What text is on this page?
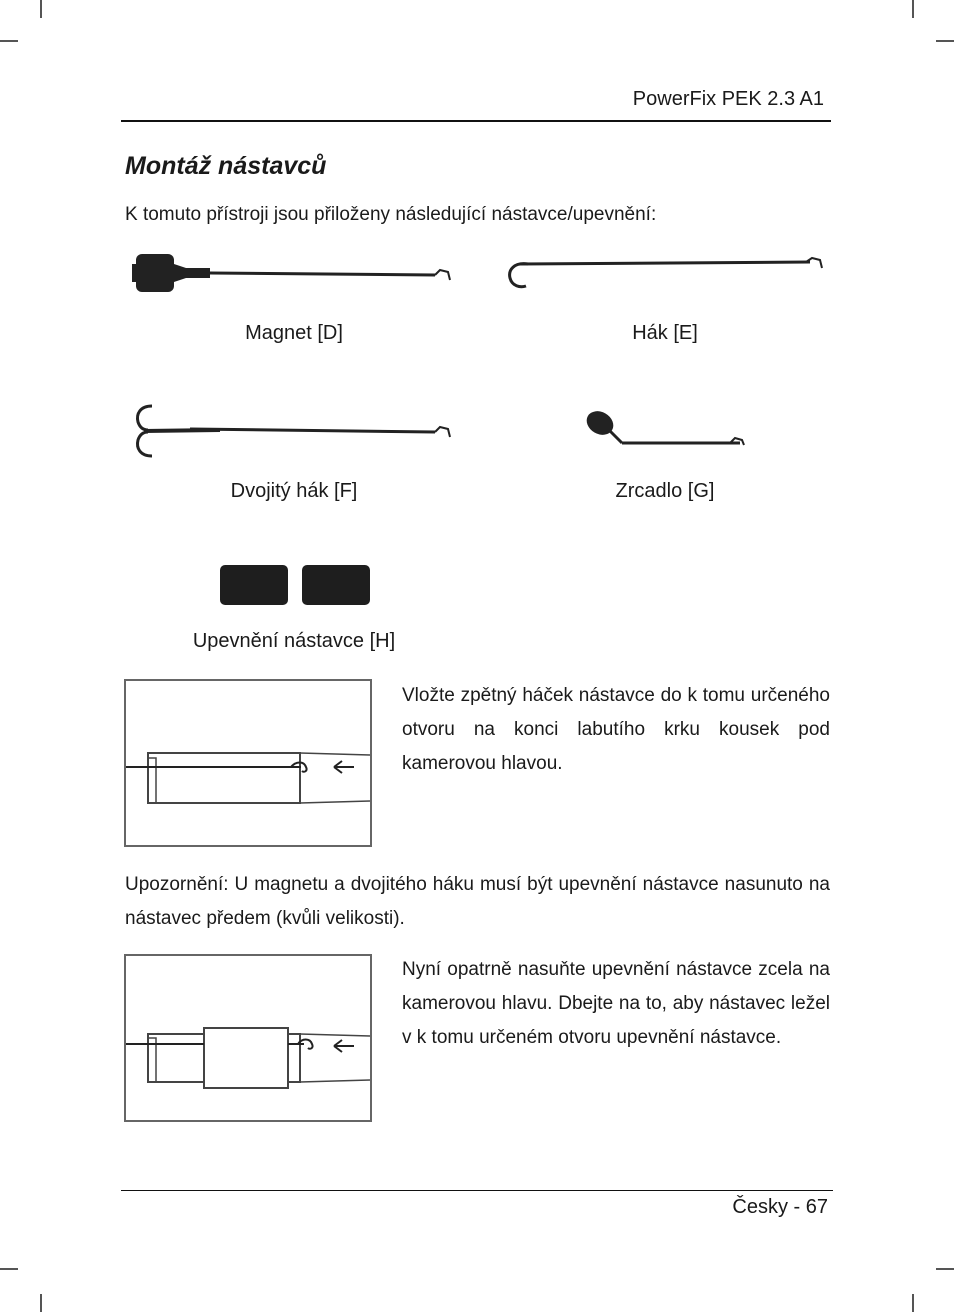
PowerFix PEK 2.3 A1
Montáž nástavců
K tomuto přístroji jsou přiloženy následující nástavce/upevnění:
Magnet [D]	Hák [E]
Dvojitý hák [F]	Zrcadlo [G]
Upevnění nástavce [H]
Vložte zpětný háček nástavce do k tomu určeného otvoru na konci labutího krku kousek pod kamerovou hlavou.
Upozornění: U magnetu a dvojitého háku musí být upevnění nástavce nasunuto na nástavec předem (kvůli velikosti).
Nyní opatrně nasuňte upevnění nástavce zcela na kamerovou hlavu. Dbejte na to, aby nástavec ležel v k tomu určeném otvoru upevnění nástavce.
Česky - 67
